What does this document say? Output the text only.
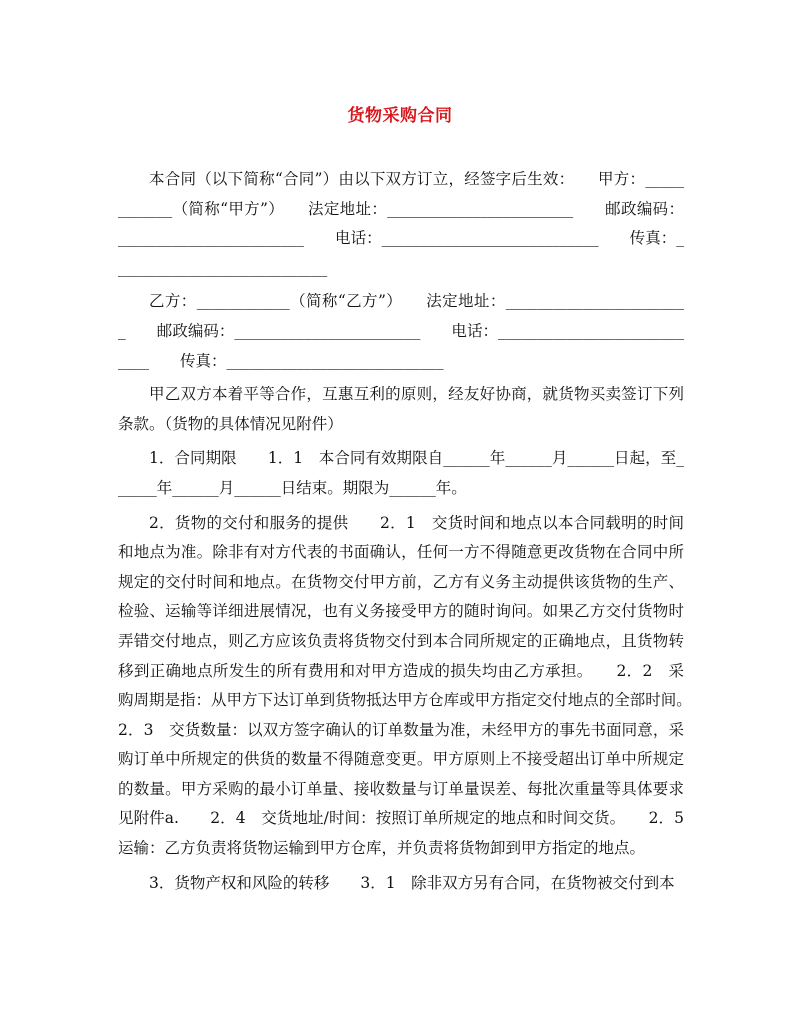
货物采购合同

本合同（以下简称“合同”）由以下双方订立，经签字后生效：　　甲方：____________（简称“甲方”）　　法定地址：________________________　　邮政编码：________________________　　电话：____________________________　　传真：____________________________

乙方：____________（简称“乙方”）　　法定地址：________________________　　邮政编码：________________________　　电话：____________________________　　传真：____________________________

甲乙双方本着平等合作，互惠互利的原则，经友好协商，就货物买卖签订下列条款。（货物的具体情况见附件）

1．合同期限　　1．1　本合同有效期限自______年______月______日起，至______年______月______日结束。期限为______年。

2．货物的交付和服务的提供　　2．1　交货时间和地点以本合同载明的时间和地点为准。除非有对方代表的书面确认，任何一方不得随意更改货物在合同中所规定的交付时间和地点。在货物交付甲方前，乙方有义务主动提供该货物的生产、检验、运输等详细进展情况，也有义务接受甲方的随时询问。如果乙方交付货物时弄错交付地点，则乙方应该负责将货物交付到本合同所规定的正确地点，且货物转移到正确地点所发生的所有费用和对甲方造成的损失均由乙方承担。　　2．2　采购周期是指：从甲方下达订单到货物抵达甲方仓库或甲方指定交付地点的全部时间。　　2．3　交货数量：以双方签字确认的订单数量为准，未经甲方的事先书面同意，采购订单中所规定的供货的数量不得随意变更。甲方原则上不接受超出订单中所规定的数量。甲方采购的最小订单量、接收数量与订单量误差、每批次重量等具体要求见附件a.　　2．4　交货地址/时间：按照订单所规定的地点和时间交货。　　2．5　运输：乙方负责将货物运输到甲方仓库，并负责将货物卸到甲方指定的地点。

3．货物产权和风险的转移　　3．1　除非双方另有合同，在货物被交付到本
